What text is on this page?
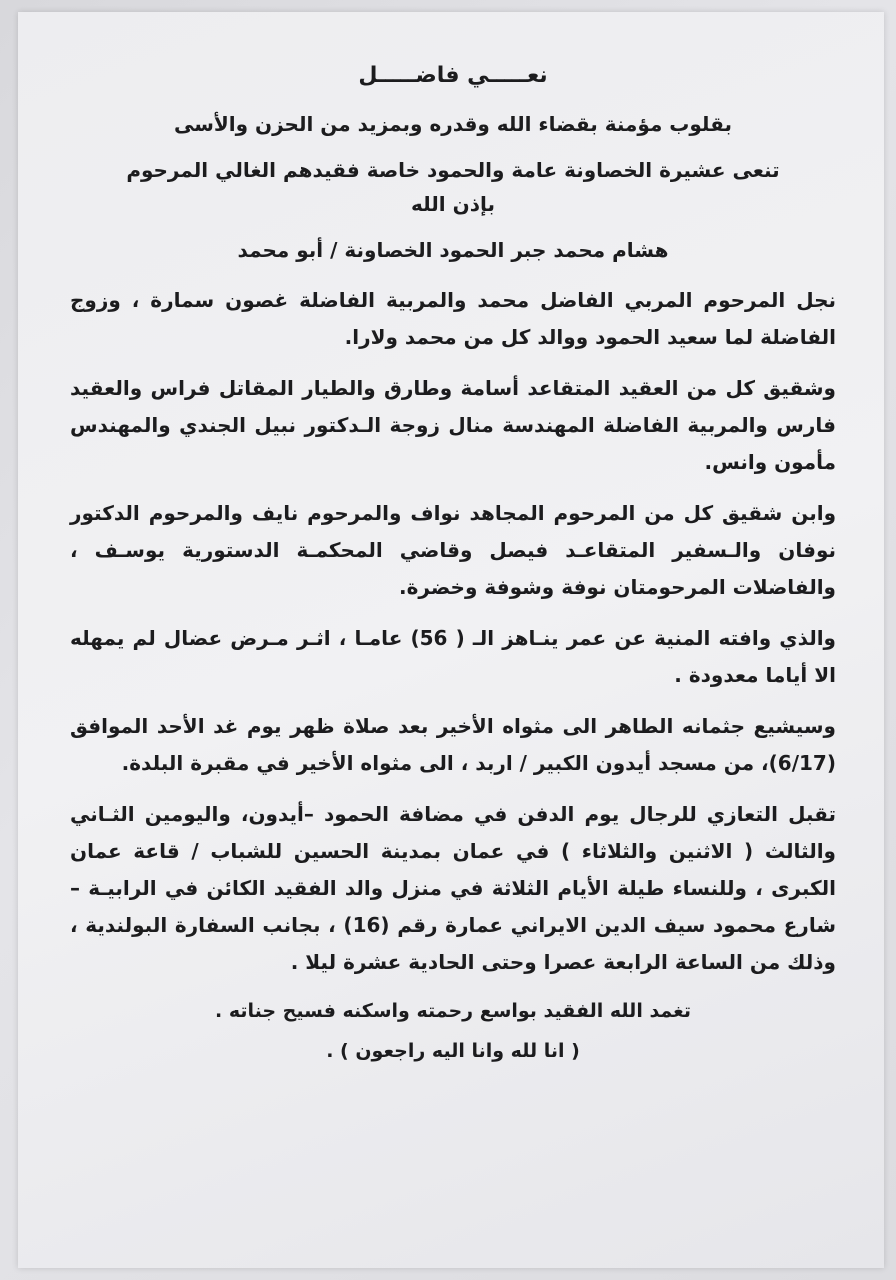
نعـــــي فاضـــــل
بقلوب مؤمنة بقضاء الله وقدره وبمزيد من الحزن والأسى
تنعى عشيرة الخصاونة عامة والحمود خاصة فقيدهم الغالي المرحوم
بإذن الله
هشام محمد جبر الحمود الخصاونة / أبو محمد

نجل المرحوم المربي الفاضل محمد والمربية الفاضلة غصون سمارة ، وزوج الفاضلة لما سعيد الحمود ووالد كل من محمد ولارا.

وشقيق كل من العقيد المتقاعد أسامة وطارق والطيار المقاتل فراس والعقيد فارس والمربية الفاضلة المهندسة منال زوجة الـدكتور نبيل الجندي والمهندس مأمون وانس.

وابن شقيق كل من المرحوم المجاهد نواف والمرحوم نايف والمرحوم الدكتور نوفان والـسفير المتقاعـد فيصل وقاضي المحكمـة الدستورية يوسـف ، والفاضلات المرحومتان نوفة وشوفة وخضرة.

والذي وافته المنية عن عمر ينـاهز الـ ( 56) عامـا ، اثـر مـرض عضال لم يمهله الا أياما معدودة .

وسيشيع جثمانه الطاهر الى مثواه الأخير بعد صلاة ظهر يوم غد الأحد الموافق (6/17)، من مسجد أيدون الكبير / اربد ، الى مثواه الأخير في مقبرة البلدة.

تقبل التعازي للرجال يوم الدفن في مضافة الحمود –أيدون، واليومين الثـاني والثالث ( الاثنين والثلاثاء ) في عمان بمدينة الحسين للشباب / قاعة عمان الكبرى ، وللنساء طيلة الأيام الثلاثة في منزل والد الفقيد الكائن في الرابيـة – شارع محمود سيف الدين الايراني عمارة رقم (16) ، بجانب السفارة البولندية ، وذلك من الساعة الرابعة عصرا وحتى الحادية عشرة ليلا .

تغمد الله الفقيد بواسع رحمته واسكنه فسيح جناته .
( انا لله وانا اليه راجعون ) .
